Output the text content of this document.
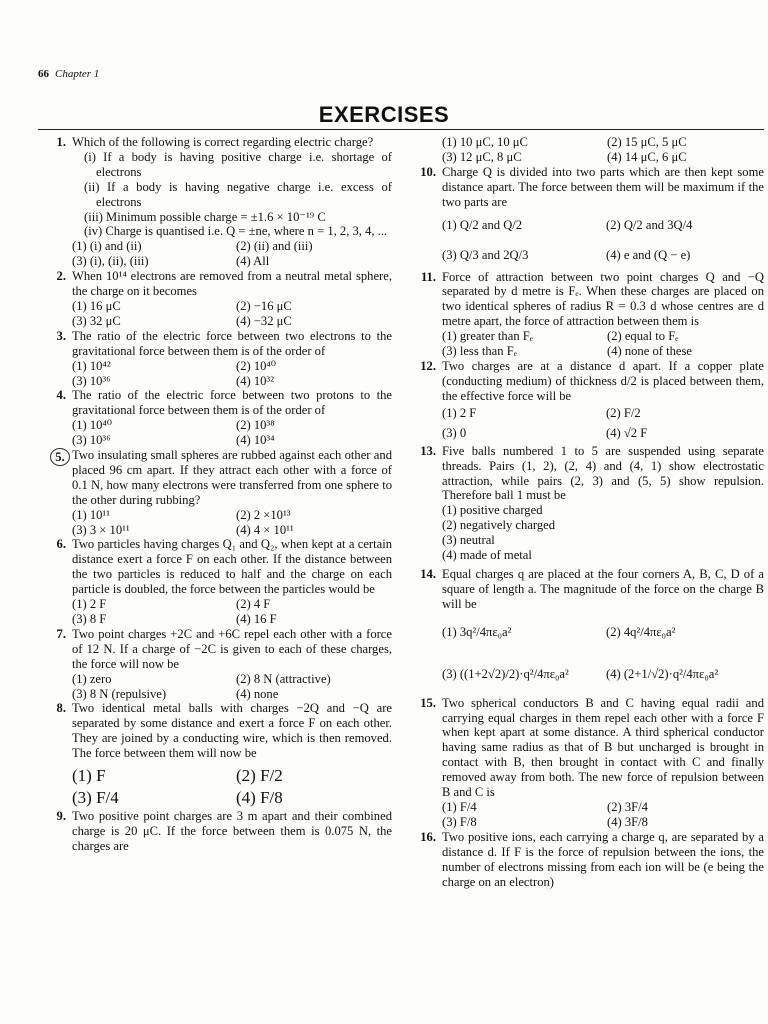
66 Chapter 1
EXERCISES
1. Which of the following is correct regarding electric charge?
(i) If a body is having positive charge i.e. shortage of electrons
(ii) If a body is having negative charge i.e. excess of electrons
(iii) Minimum possible charge = ±1.6 × 10⁻¹⁹ C
(iv) Charge is quantised i.e. Q = ±ne, where n = 1, 2, 3, 4, ...
(1) (i) and (ii)	(2) (ii) and (iii)
(3) (i), (ii), (iii)	(4) All
2. When 10¹⁴ electrons are removed from a neutral metal sphere, the charge on it becomes
(1) 16 μC	(2) −16 μC
(3) 32 μC	(4) −32 μC
3. The ratio of the electric force between two electrons to the gravitational force between them is of the order of
(1) 10⁴²	(2) 10⁴⁰
(3) 10³⁶	(4) 10³²
4. The ratio of the electric force between two protons to the gravitational force between them is of the order of
(1) 10⁴⁰	(2) 10³⁸
(3) 10³⁶	(4) 10³⁴
5. Two insulating small spheres are rubbed against each other and placed 96 cm apart. If they attract each other with a force of 0.1 N, how many electrons were transferred from one sphere to the other during rubbing?
(1) 10¹¹	(2) 2 ×10¹³
(3) 3 × 10¹¹	(4) 4 × 10¹¹
6. Two particles having charges Q₁ and Q₂, when kept at a certain distance exert a force F on each other. If the distance between the two particles is reduced to half and the charge on each particle is doubled, the force between the particles would be
(1) 2 F	(2) 4 F
(3) 8 F	(4) 16 F
7. Two point charges +2C and +6C repel each other with a force of 12 N. If a charge of −2C is given to each of these charges, the force will now be
(1) zero	(2) 8 N (attractive)
(3) 8 N (repulsive)	(4) none
8. Two identical metal balls with charges −2Q and −Q are separated by some distance and exert a force F on each other. They are joined by a conducting wire, which is then removed. The force between them will now be
(1) F	(2) F/2
(3) F/4	(4) F/8
9. Two positive point charges are 3 m apart and their combined charge is 20 μC. If the force between them is 0.075 N, the charges are
(1) 10 μC, 10 μC	(2) 15 μC, 5 μC
(3) 12 μC, 8 μC	(4) 14 μC, 6 μC
10. Charge Q is divided into two parts which are then kept some distance apart. The force between them will be maximum if the two parts are
(1) Q/2 and Q/2	(2) Q/2 and 3Q/4
(3) Q/3 and 2Q/3	(4) e and (Q − e)
11. Force of attraction between two point charges Q and −Q separated by d metre is Fₑ. When these charges are placed on two identical spheres of radius R = 0.3 d whose centres are d metre apart, the force of attraction between them is
(1) greater than Fₑ	(2) equal to Fₑ
(3) less than Fₑ	(4) none of these
12. Two charges are at a distance d apart. If a copper plate (conducting medium) of thickness d/2 is placed between them, the effective force will be
(1) 2 F	(2) F/2
(3) 0	(4) √2 F
13. Five balls numbered 1 to 5 are suspended using separate threads. Pairs (1, 2), (2, 4) and (4, 1) show electrostatic attraction, while pairs (2, 3) and (5, 5) show repulsion. Therefore ball 1 must be
(1) positive charged
(2) negatively charged
(3) neutral
(4) made of metal
14. Equal charges q are placed at the four corners A, B, C, D of a square of length a. The magnitude of the force on the charge B will be
(1) 3q²/4πε₀a²	(2) 4q²/4πε₀a²
(3) ((1+2√2)/2)·q²/4πε₀a²	(4) (2+1/√2)·q²/4πε₀a²
15. Two spherical conductors B and C having equal radii and carrying equal charges in them repel each other with a force F when kept apart at some distance. A third spherical conductor having same radius as that of B but uncharged is brought in contact with B, then brought in contact with C and finally removed away from both. The new force of repulsion between B and C is
(1) F/4	(2) 3F/4
(3) F/8	(4) 3F/8
16. Two positive ions, each carrying a charge q, are separated by a distance d. If F is the force of repulsion between the ions, the number of electrons missing from each ion will be (e being the charge on an electron)
